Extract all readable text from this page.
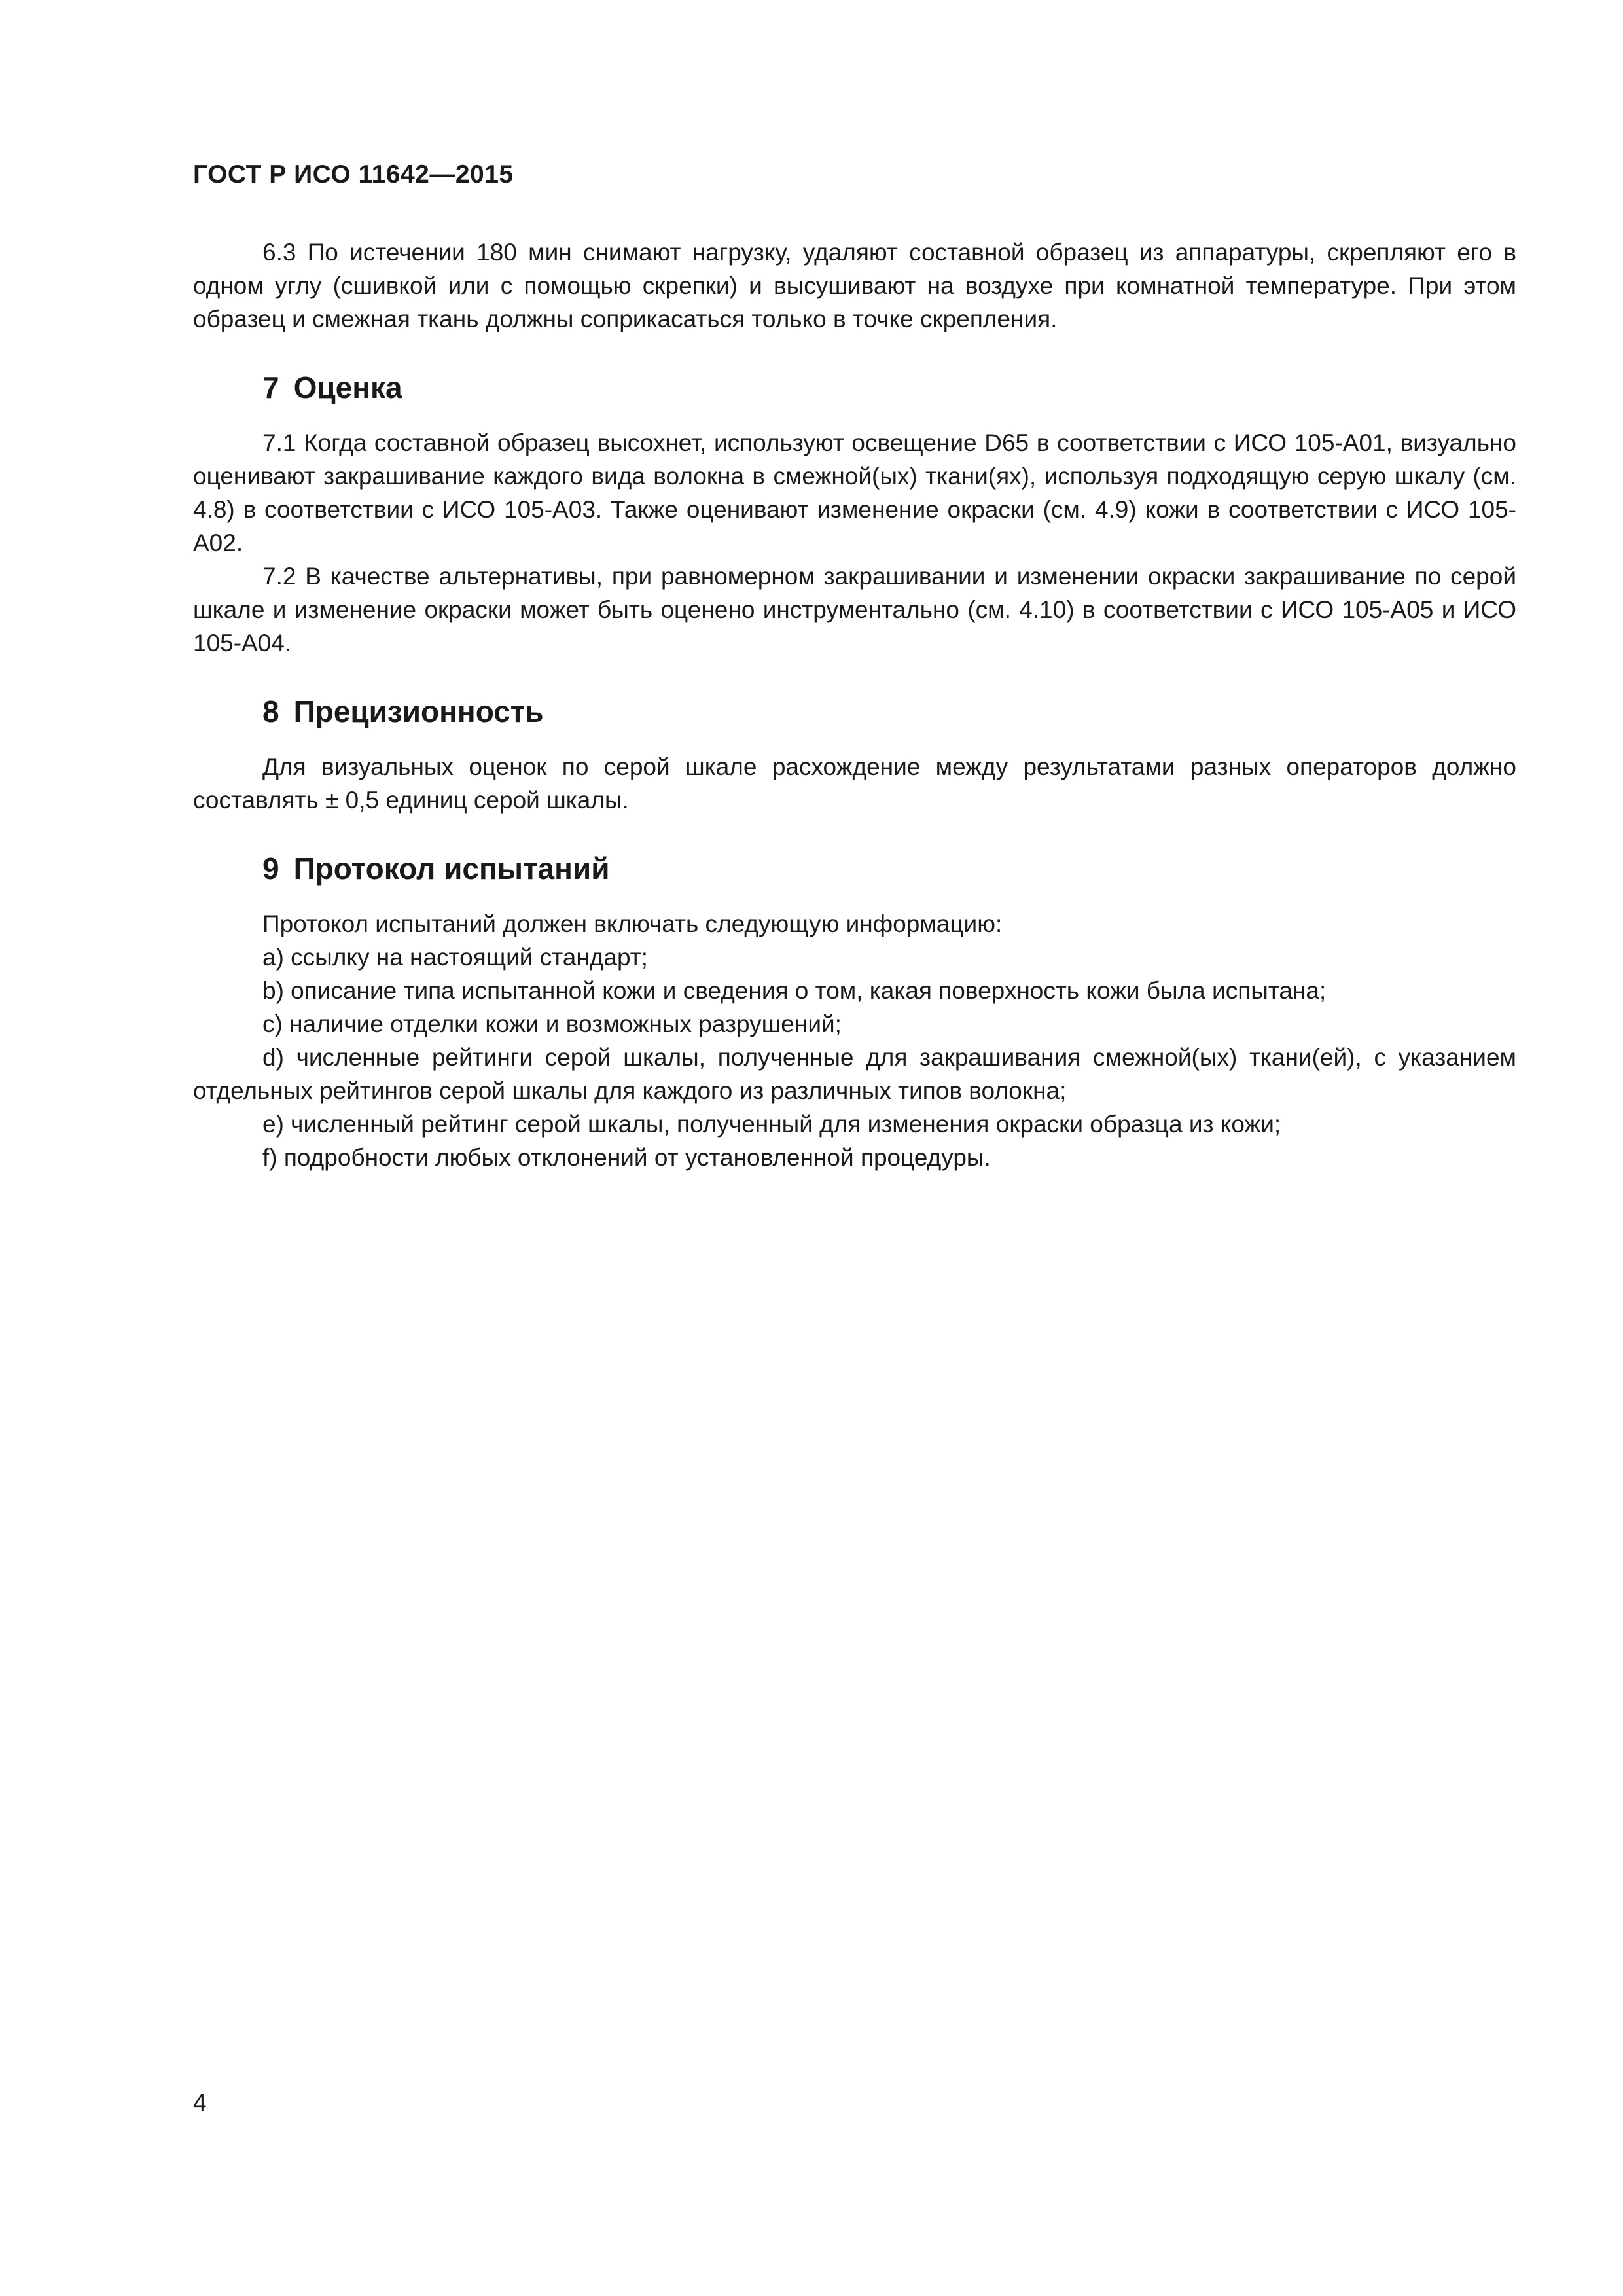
ГОСТ Р ИСО 11642—2015

6.3 По истечении 180 мин снимают нагрузку, удаляют составной образец из аппаратуры, скрепляют его в одном углу (сшивкой или с помощью скрепки) и высушивают на воздухе при комнатной температуре. При этом образец и смежная ткань должны соприкасаться только в точке скрепления.

7 Оценка

7.1 Когда составной образец высохнет, используют освещение D65 в соответствии с ИСО 105-А01, визуально оценивают закрашивание каждого вида волокна в смежной(ых) ткани(ях), используя подходящую серую шкалу (см. 4.8) в соответствии с ИСО 105-А03. Также оценивают изменение окраски (см. 4.9) кожи в соответствии с ИСО 105-А02.

7.2 В качестве альтернативы, при равномерном закрашивании и изменении окраски закрашивание по серой шкале и изменение окраски может быть оценено инструментально (см. 4.10) в соответствии с ИСО 105-А05 и ИСО 105-А04.

8 Прецизионность

Для визуальных оценок по серой шкале расхождение между результатами разных операторов должно составлять ± 0,5 единиц серой шкалы.

9 Протокол испытаний

Протокол испытаний должен включать следующую информацию:

a) ссылку на настоящий стандарт;

b) описание типа испытанной кожи и сведения о том, какая поверхность кожи была испытана;

c) наличие отделки кожи и возможных разрушений;

d) численные рейтинги серой шкалы, полученные для закрашивания смежной(ых) ткани(ей), с указанием отдельных рейтингов серой шкалы для каждого из различных типов волокна;

e) численный рейтинг серой шкалы, полученный для изменения окраски образца из кожи;

f) подробности любых отклонений от установленной процедуры.

4
